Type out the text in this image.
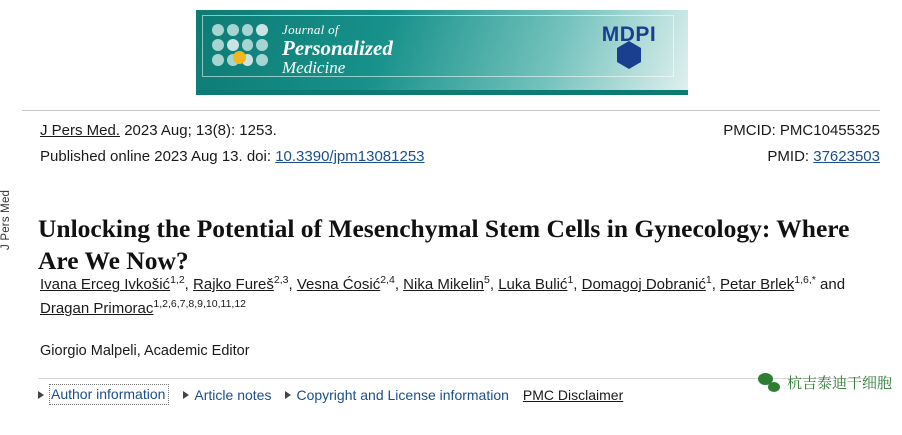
J Pers Med
Journal of
Personalized
Medicine
MDPI
J Pers Med. 2023 Aug; 13(8): 1253.
Published online 2023 Aug 13. doi: 10.3390/jpm13081253
PMCID: PMC10455325
PMID: 37623503
Unlocking the Potential of Mesenchymal Stem Cells in Gynecology: Where Are We Now?
Ivana Erceg Ivkošić$^{1,2}$, Rajko Fureš$^{2,3}$, Vesna Ćosić$^{2,4}$, Nika Mikelin$^5$, Luka Bulić$^1$, Domagoj Dobranić$^1$, Petar Brlek$^{1,6,*}$ and Dragan Primorac$^{1,2,6,7,8,9,10,11,12}$
Giorgio Malpeli, Academic Editor
Author information Article notes Copyright and License information PMC Disclaimer
杭吉泰迪干细胞
